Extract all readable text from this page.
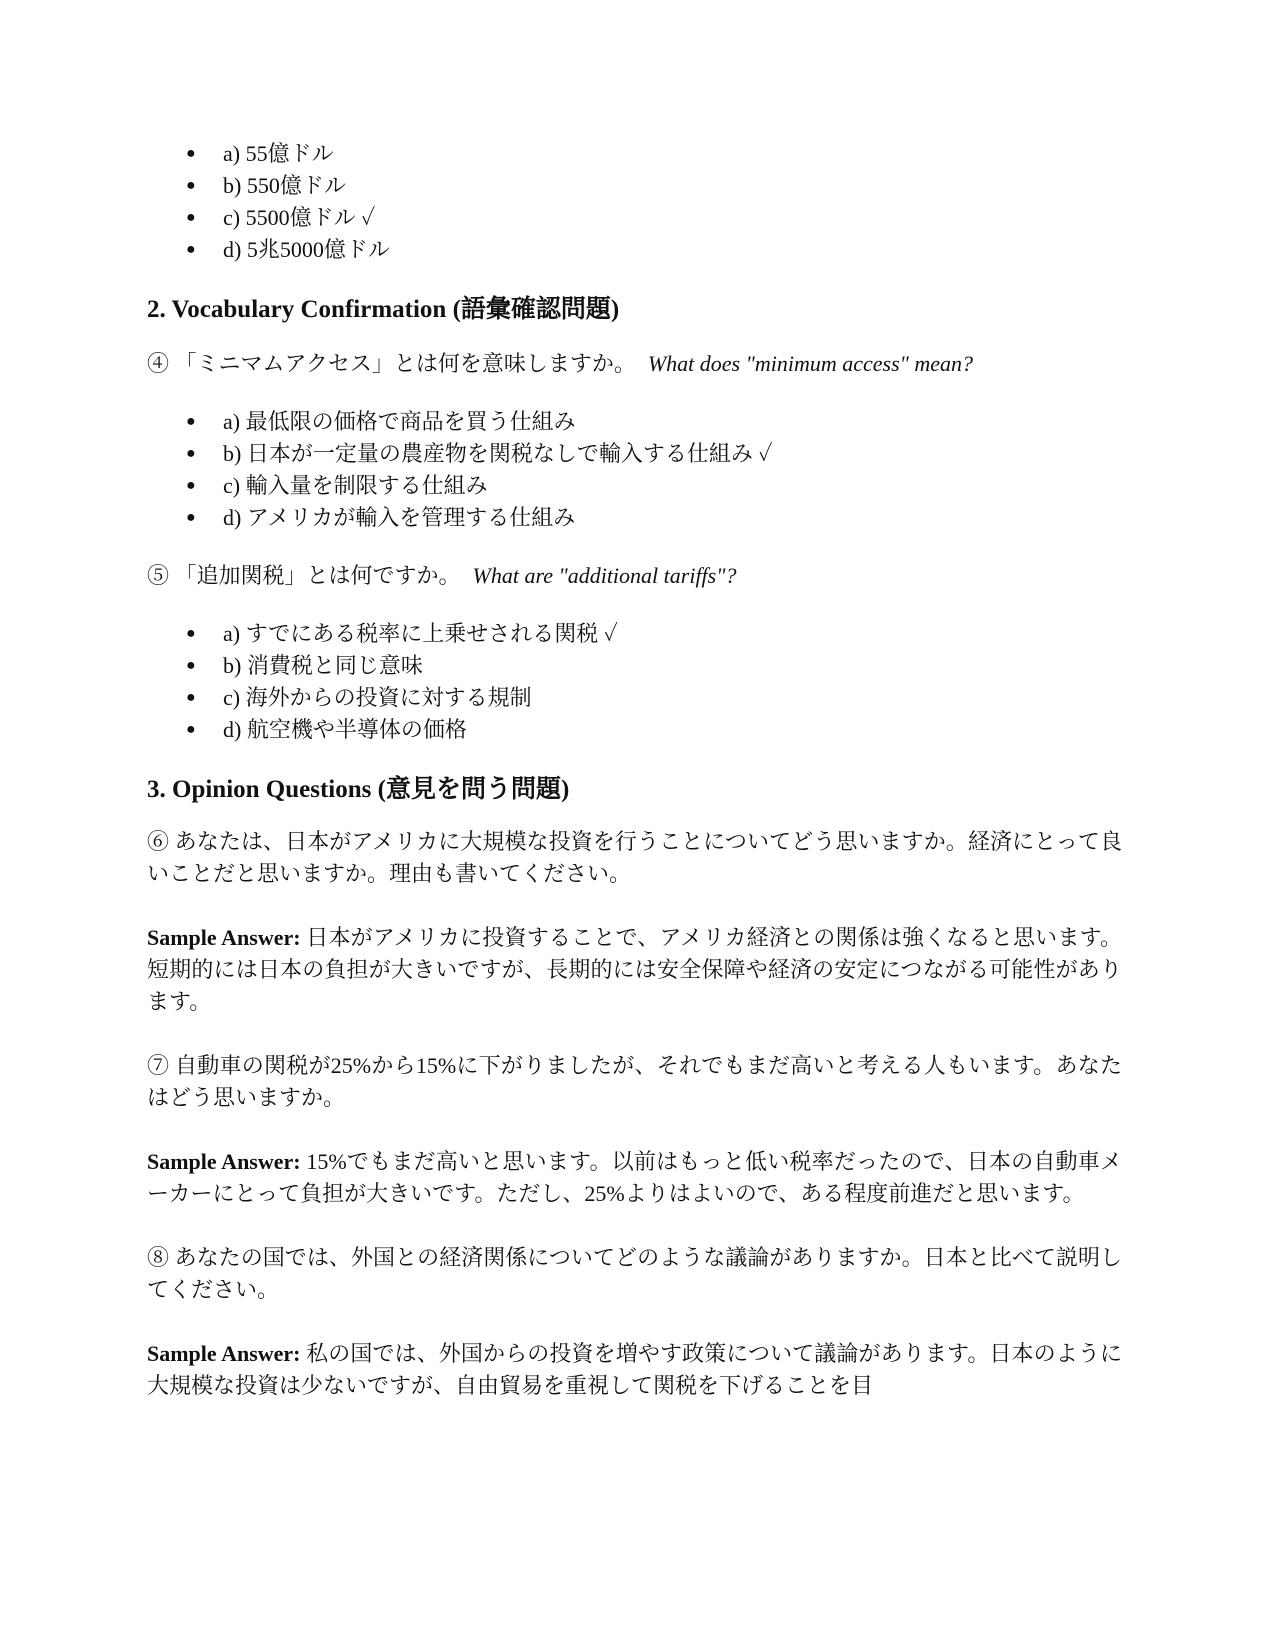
● a) 55億ドル
● b) 550億ドル
● c) 5500億ドル ✓
● d) 5兆5000億ドル
2. Vocabulary Confirmation (語彙確認問題)

④ 「ミニマムアクセス」とは何を意味しますか。 What does "minimum access" mean?

● a) 最低限の価格で商品を買う仕組み
● b) 日本が一定量の農産物を関税なしで輸入する仕組み ✓
● c) 輸入量を制限する仕組み
● d) アメリカが輸入を管理する仕組み

⑤ 「追加関税」とは何ですか。 What are "additional tariffs"?

● a) すでにある税率に上乗せされる関税 ✓
● b) 消費税と同じ意味
● c) 海外からの投資に対する規制
● d) 航空機や半導体の価格
3. Opinion Questions (意見を問う問題)

⑥ あなたは、日本がアメリカに大規模な投資を行うことについてどう思いますか。経済にとって良いことだと思いますか。理由も書いてください。

Sample Answer: 日本がアメリカに投資することで、アメリカ経済との関係は強くなると思います。短期的には日本の負担が大きいですが、長期的には安全保障や経済の安定につながる可能性があります。

⑦ 自動車の関税が25%から15%に下がりましたが、それでもまだ高いと考える人もいます。あなたはどう思いますか。

Sample Answer: 15%でもまだ高いと思います。以前はもっと低い税率だったので、日本の自動車メーカーにとって負担が大きいです。ただし、25%よりはよいので、ある程度前進だと思います。

⑧ あなたの国では、外国との経済関係についてどのような議論がありますか。日本と比べて説明してください。

Sample Answer: 私の国では、外国からの投資を増やす政策について議論があります。日本のように大規模な投資は少ないですが、自由貿易を重視して関税を下げることを目
